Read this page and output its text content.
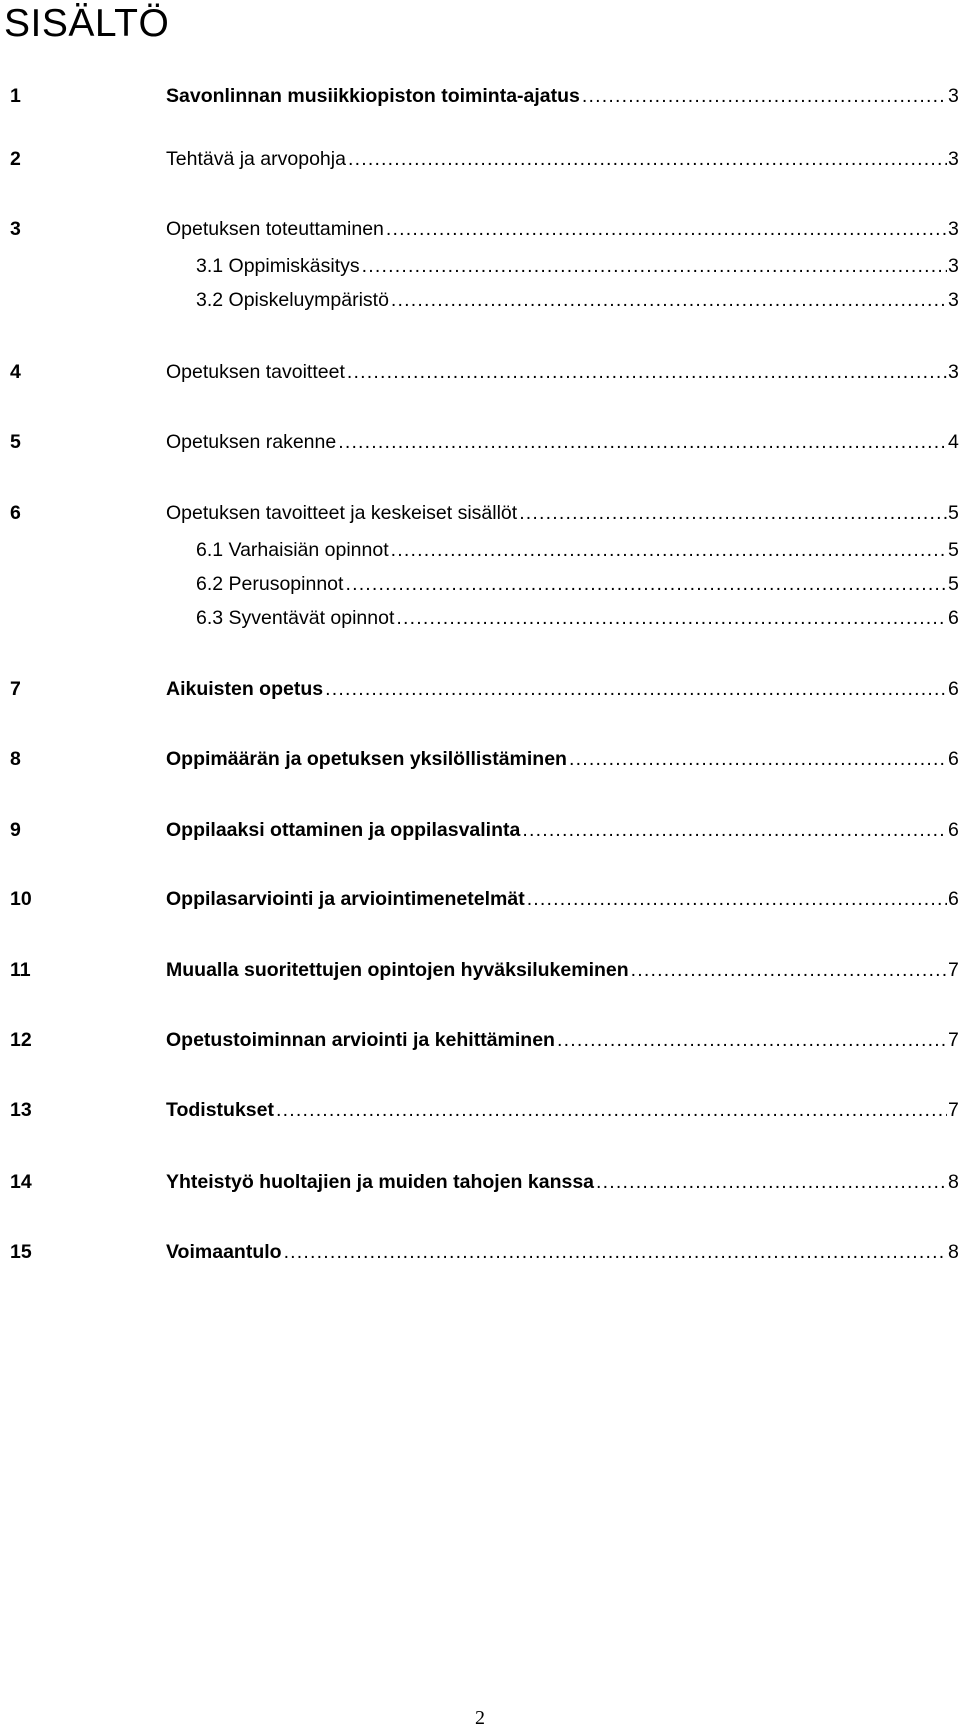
SISÄLTÖ
1	Savonlinnan musiikkiopiston toiminta-ajatus .....	3
2	Tehtävä ja arvopohja .....	3
3	Opetuksen toteuttaminen .....	3
3.1 Oppimiskäsitys .....	3
3.2 Opiskeluympäristö .....	3
4	Opetuksen tavoitteet .....	3
5	Opetuksen rakenne .....	4
6	Opetuksen tavoitteet ja keskeiset sisällöt .....	5
6.1 Varhaisiän opinnot .....	5
6.2 Perusopinnot .....	5
6.3 Syventävät opinnot .....	6
7	Aikuisten opetus .....	6
8	Oppimäärän ja opetuksen yksilöllistäminen .....	6
9	Oppilaaksi ottaminen ja oppilasvalinta .....	6
10	Oppilasarviointi ja arviointimenetelmät .....	6
11	Muualla suoritettujen opintojen hyväksilukeminen .....	7
12	Opetustoiminnan arviointi ja kehittäminen .....	7
13	Todistukset .....	7
14	Yhteistyö huoltajien ja muiden tahojen kanssa .....	8
15	Voimaantulo .....	8
2
